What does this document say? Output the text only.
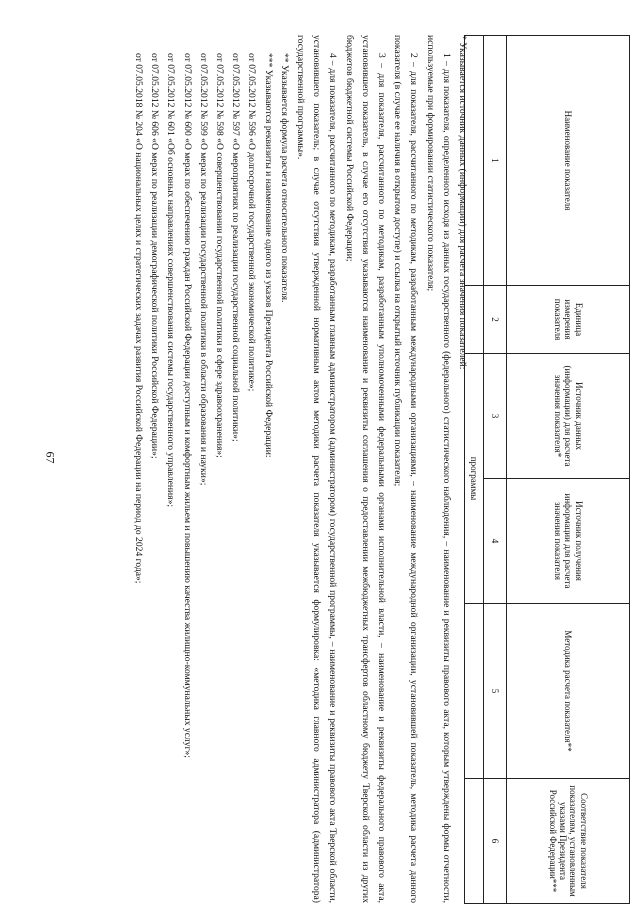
67
Наименование показателя	Единица измерения показателя	Источник данных (информации) для расчета значения показателя*	Источник получения информации для расчета значения показателя	Методика расчета показателя**	Соответствие показателя показателям, установленным указами Президента Российской Федерации***
1	2	3	4	5	6
		программы			

* Указывается источник данных (информации) для расчета значения показателей:

1 – для показателя, определенного исходя из данных государственного (федерального) статистического наблюдения, – наименование и реквизиты правового акта, которым утверждены формы отчетности, используемые при формировании статистического показателя;

2 – для показателя, рассчитанного по методикам, разработанным международными организациями, – наименование международной организации, установившей показатель, методика расчета данного показателя (в случае ее наличия в открытом доступе) и ссылка на открытый источник публикации показателя;

3 – для показателя, рассчитанного по методикам, разработанным уполномоченными федеральными органами исполнительной власти, – наименование и реквизиты федерального правового акта, установившего показатель, в случае его отсутствия указываются наименование и реквизиты соглашения о предоставлении межбюджетных трансфертов областному бюджету Тверской области из других бюджетов бюджетной системы Российской Федерации;

4 – для показателя, рассчитанного по методикам, разработанным главным администратором (администратором) государственной программы, – наименование и реквизиты правового акта Тверской области, установившего показатель; в случае отсутствия утвержденной нормативным актом методики расчета показателя указывается формулировка: «методика главного администратора (администратора) государственной программы».

** Указывается формула расчета относительного показателя.

*** Указываются реквизиты и наименование одного из указов Президента Российской Федерации:

от 07.05.2012 № 596 «О долгосрочной государственной экономической политике»;

от 07.05.2012 № 597 «О мероприятиях по реализации государственной социальной политики»;

от 07.05.2012 № 598 «О совершенствовании государственной политики в сфере здравоохранения»;

от 07.05.2012 № 599 «О мерах по реализации государственной политики в области образования и науки»;

от 07.05.2012 № 600 «О мерах по обеспечению граждан Российской Федерации доступным и комфортным жильем и повышению качества жилищно-коммунальных услуг»;

от 07.05.2012 № 601 «Об основных направлениях совершенствования системы государственного управления»;

от 07.05.2012 № 606 «О мерах по реализации демографической политики Российской Федерации»;

от 07.05.2018 № 204 «О национальных целях и стратегических задачах развития Российской Федерации на период до 2024 года»;
